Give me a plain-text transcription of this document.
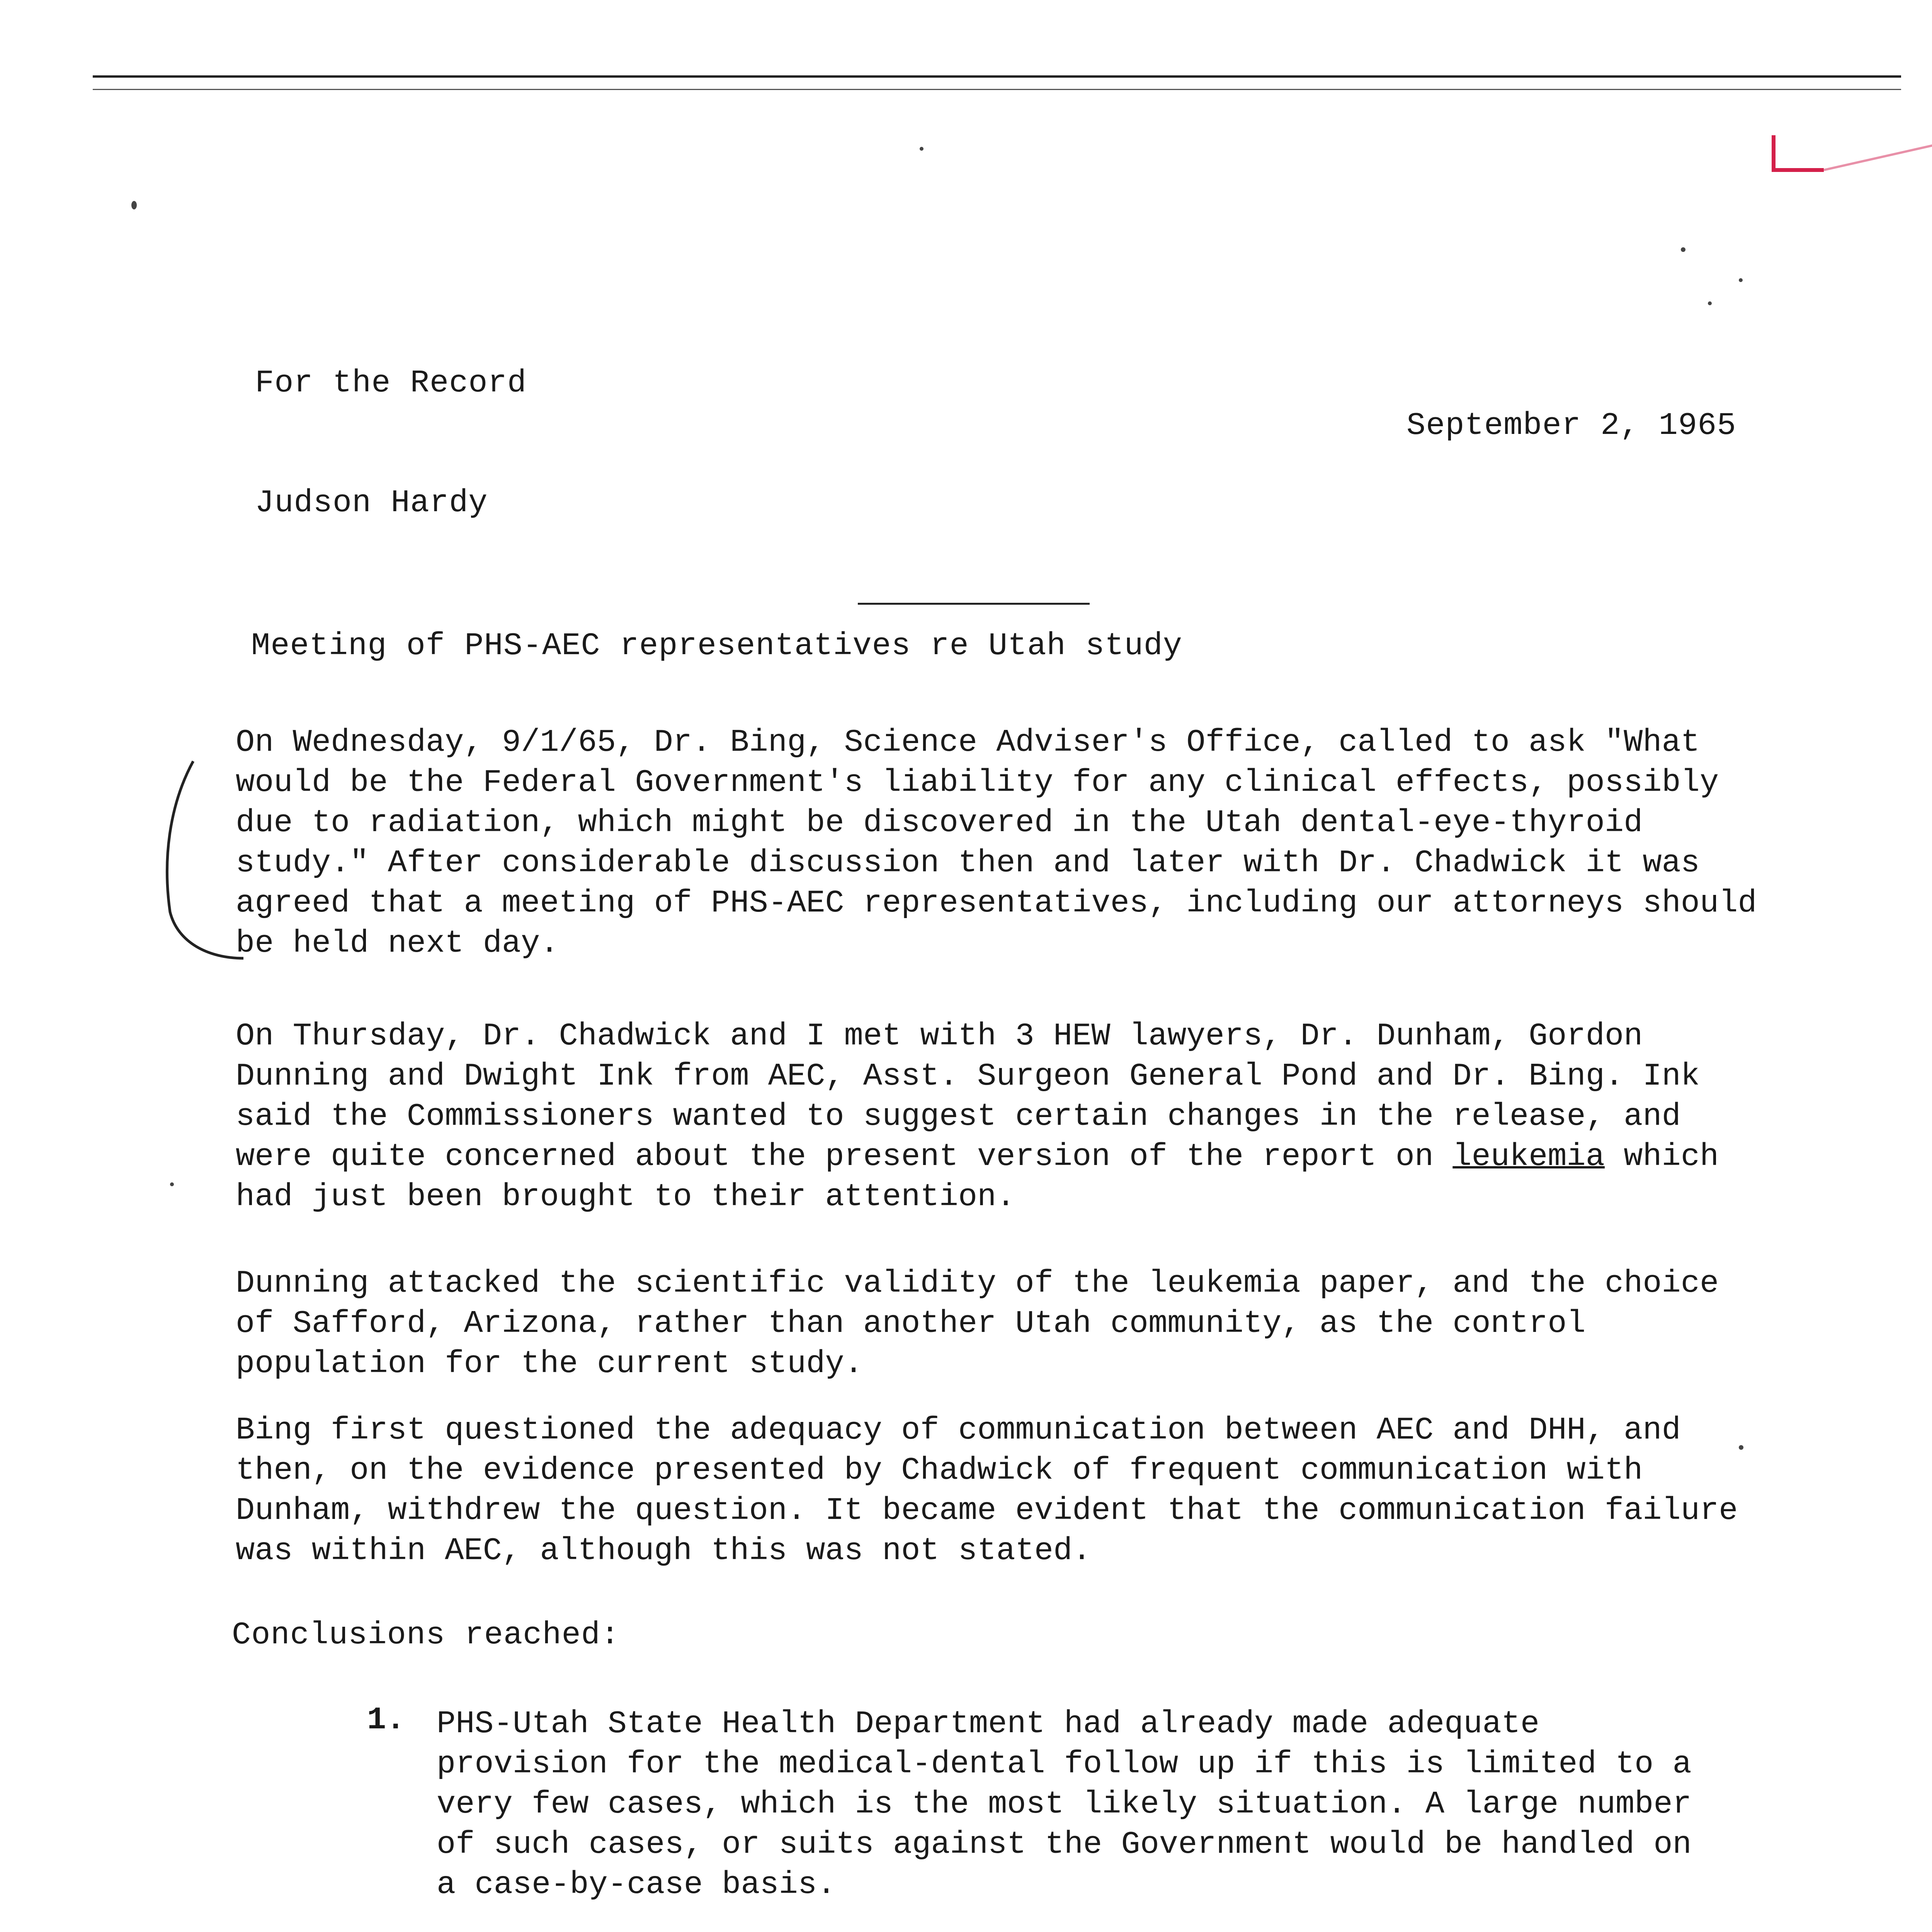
For the Record
September 2, 1965
Judson Hardy
Meeting of PHS-AEC representatives re Utah study
On Wednesday, 9/1/65, Dr. Bing, Science Adviser's Office, called to ask "What would be the Federal Government's liability for any clinical effects, possibly due to radiation, which might be discovered in the Utah dental-eye-thyroid study." After considerable discussion then and later with Dr. Chadwick it was agreed that a meeting of PHS-AEC representatives, including our attorneys should be held next day.
On Thursday, Dr. Chadwick and I met with 3 HEW lawyers, Dr. Dunham, Gordon Dunning and Dwight Ink from AEC, Asst. Surgeon General Pond and Dr. Bing. Ink said the Commissioners wanted to suggest certain changes in the release, and were quite concerned about the present version of the report on leukemia which had just been brought to their attention.
Dunning attacked the scientific validity of the leukemia paper, and the choice of Safford, Arizona, rather than another Utah community, as the control population for the current study.
Bing first questioned the adequacy of communication between AEC and DHH, and then, on the evidence presented by Chadwick of frequent communication with Dunham, withdrew the question. It became evident that the communication failure was within AEC, although this was not stated.
Conclusions reached:
1. PHS-Utah State Health Department had already made adequate provision for the medical-dental follow up if this is limited to a very few cases, which is the most likely situation. A large number of such cases, or suits against the Government would be handled on a case-by-case basis.
